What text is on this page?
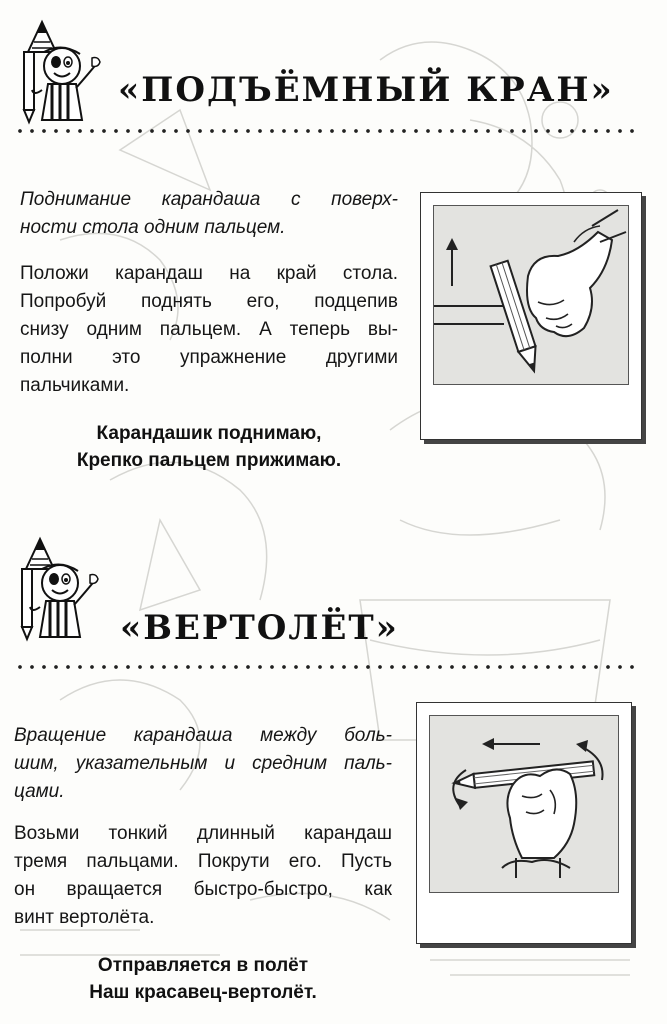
«ПОДЪЁМНЫЙ КРАН»
Поднимание карандаша с поверх-
ности стола одним пальцем.
Положи карандаш на край стола.
Попробуй поднять его, подцепив
снизу одним пальцем. А теперь вы-
полни это упражнение другими
пальчиками.
Карандашик поднимаю,
Крепко пальцем прижимаю.
«ВЕРТОЛЁТ»
Вращение карандаша между боль-
шим, указательным и средним паль-
цами.
Возьми тонкий длинный карандаш
тремя пальцами. Покрути его. Пусть
он вращается быстро-быстро, как
винт вертолёта.
Отправляется в полёт
Наш красавец-вертолёт.
